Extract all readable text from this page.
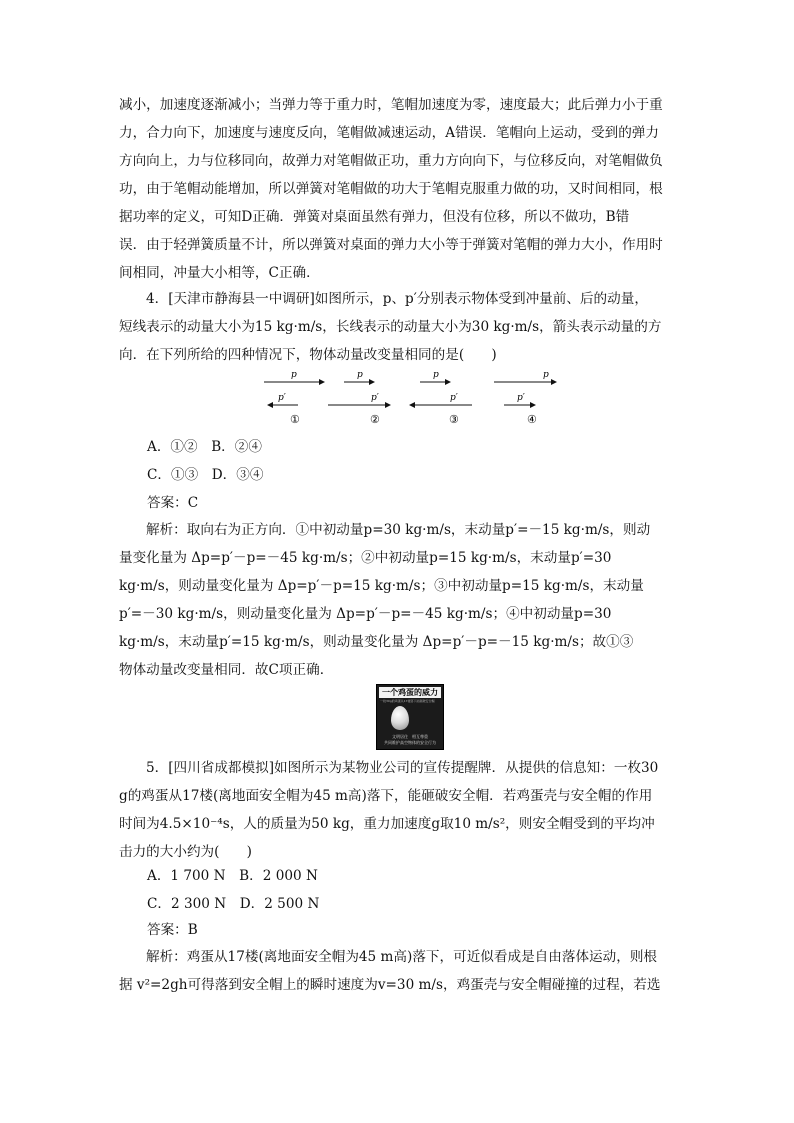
减小，加速度逐渐减小；当弹力等于重力时，笔帽加速度为零，速度最大；此后弹力小于重
力，合力向下，加速度与速度反向，笔帽做减速运动，A错误．笔帽向上运动，受到的弹力
方向向上，力与位移同向，故弹力对笔帽做正功，重力方向向下，与位移反向，对笔帽做负
功，由于笔帽动能增加，所以弹簧对笔帽做的功大于笔帽克服重力做的功，又时间相同，根
据功率的定义，可知D正确．弹簧对桌面虽然有弹力，但没有位移，所以不做功，B错
误．由于轻弹簧质量不计，所以弹簧对桌面的弹力大小等于弹簧对笔帽的弹力大小，作用时
间相同，冲量大小相等，C正确．
4．[天津市静海县一中调研]如图所示，p、p′分别表示物体受到冲量前、后的动量，
短线表示的动量大小为15 kg·m/s，长线表示的动量大小为30 kg·m/s，箭头表示动量的方
向．在下列所给的四种情况下，物体动量改变量相同的是(　　)
p
p′
①
p
p′
②
p
p′
③
p
p′
④
A．①②　B．②④
C．①③　D．③④
答案：C
解析：取向右为正方向．①中初动量p=30 kg·m/s，末动量p′=－15 kg·m/s，则动
量变化量为 Δp=p′－p=－45 kg·m/s；②中初动量p=15 kg·m/s，末动量p′=30
kg·m/s，则动量变化量为 Δp=p′－p=15 kg·m/s；③中初动量p=15 kg·m/s，末动量
p′=－30 kg·m/s，则动量变化量为 Δp=p′－p=－45 kg·m/s；④中初动量p=30
kg·m/s，末动量p′=15 kg·m/s，则动量变化量为 Δp=p′－p=－15 kg·m/s；故①③
物体动量改变量相同．故C项正确．
一个鸡蛋的威力
一枚30g的鸡蛋从17楼落下能砸破安全帽
文明居住　相互尊重
共同维护高空物体的安全行为
5．[四川省成都模拟]如图所示为某物业公司的宣传提醒牌．从提供的信息知：一枚30
g的鸡蛋从17楼(离地面安全帽为45 m高)落下，能砸破安全帽．若鸡蛋壳与安全帽的作用
时间为4.5×10⁻⁴s，人的质量为50 kg，重力加速度g取10 m/s²，则安全帽受到的平均冲
击力的大小约为(　　)
A．1 700 N　B．2 000 N
C．2 300 N　D．2 500 N
答案：B
解析：鸡蛋从17楼(离地面安全帽为45 m高)落下，可近似看成是自由落体运动，则根
据 v²=2gh可得落到安全帽上的瞬时速度为v=30 m/s，鸡蛋壳与安全帽碰撞的过程，若选
